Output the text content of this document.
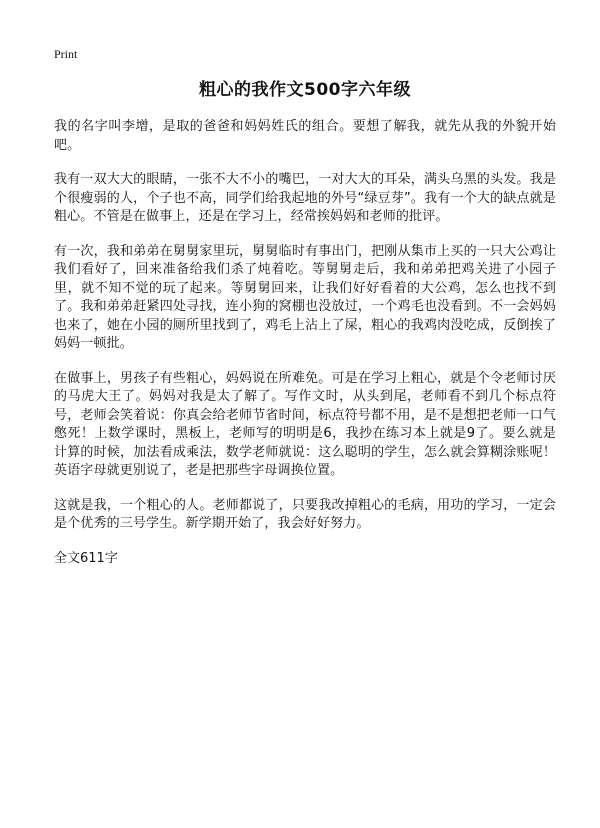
Print
粗心的我作文500字六年级

我的名字叫李增，是取的爸爸和妈妈姓氏的组合。要想了解我，就先从我的外貌开始吧。

我有一双大大的眼睛，一张不大不小的嘴巴，一对大大的耳朵，满头乌黑的头发。我是个很瘦弱的人，个子也不高，同学们给我起地的外号“绿豆芽”。我有一个大的缺点就是粗心。不管是在做事上，还是在学习上，经常挨妈妈和老师的批评。

有一次，我和弟弟在舅舅家里玩，舅舅临时有事出门，把刚从集市上买的一只大公鸡让我们看好了，回来准备给我们杀了炖着吃。等舅舅走后，我和弟弟把鸡关进了小园子里，就不知不觉的玩了起来。等舅舅回来，让我们好好看着的大公鸡，怎么也找不到了。我和弟弟赶紧四处寻找，连小狗的窝棚也没放过，一个鸡毛也没看到。不一会妈妈也来了，她在小园的厕所里找到了，鸡毛上沾上了屎，粗心的我鸡肉没吃成，反倒挨了妈妈一顿批。

在做事上，男孩子有些粗心，妈妈说在所难免。可是在学习上粗心，就是个令老师讨厌的马虎大王了。妈妈对我是太了解了。写作文时，从头到尾，老师看不到几个标点符号，老师会笑着说：你真会给老师节省时间，标点符号都不用，是不是想把老师一口气憋死！上数学课时，黑板上，老师写的明明是6，我抄在练习本上就是9了。要么就是计算的时候，加法看成乘法，数学老师就说：这么聪明的学生，怎么就会算糊涂账呢！英语字母就更别说了，老是把那些字母调换位置。

这就是我，一个粗心的人。老师都说了，只要我改掉粗心的毛病，用功的学习，一定会是个优秀的三号学生。新学期开始了，我会好好努力。

全文611字
